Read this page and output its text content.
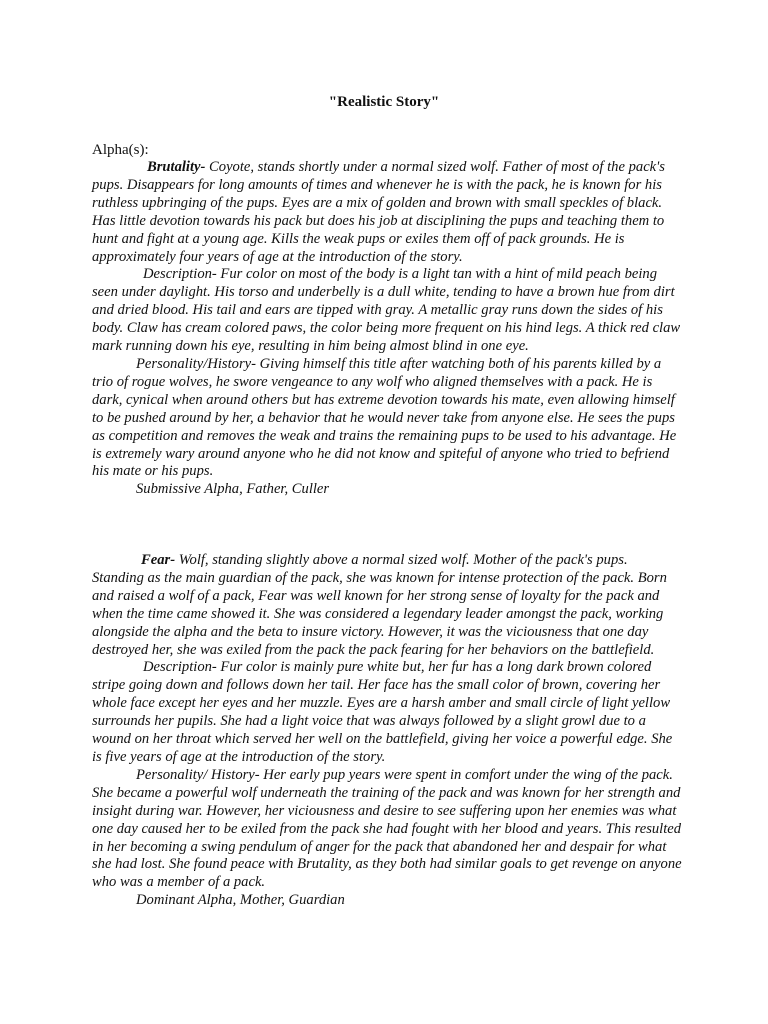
"Realistic Story"
Alpha(s):

Brutality- Coyote, stands shortly under a normal sized wolf. Father of most of the pack's pups. Disappears for long amounts of times and whenever he is with the pack, he is known for his ruthless upbringing of the pups. Eyes are a mix of golden and brown with small speckles of black. Has little devotion towards his pack but does his job at disciplining the pups and teaching them to hunt and fight at a young age. Kills the weak pups or exiles them off of pack grounds. He is approximately four years of age at the introduction of the story.

Description- Fur color on most of the body is a light tan with a hint of mild peach being seen under daylight. His torso and underbelly is a dull white, tending to have a brown hue from dirt and dried blood. His tail and ears are tipped with gray. A metallic gray runs down the sides of his body. Claw has cream colored paws, the color being more frequent on his hind legs. A thick red claw mark running down his eye, resulting in him being almost blind in one eye.

Personality/History- Giving himself this title after watching both of his parents killed by a trio of rogue wolves, he swore vengeance to any wolf who aligned themselves with a pack. He is dark, cynical when around others but has extreme devotion towards his mate, even allowing himself to be pushed around by her, a behavior that he would never take from anyone else. He sees the pups as competition and removes the weak and trains the remaining pups to be used to his advantage. He is extremely wary around anyone who he did not know and spiteful of anyone who tried to befriend his mate or his pups.

Submissive Alpha, Father, Culler

Fear- Wolf, standing slightly above a normal sized wolf. Mother of the pack's pups. Standing as the main guardian of the pack, she was known for intense protection of the pack. Born and raised a wolf of a pack, Fear was well known for her strong sense of loyalty for the pack and when the time came showed it. She was considered a legendary leader amongst the pack, working alongside the alpha and the beta to insure victory. However, it was the viciousness that one day destroyed her, she was exiled from the pack the pack fearing for her behaviors on the battlefield.

Description- Fur color is mainly pure white but, her fur has a long dark brown colored stripe going down and follows down her tail. Her face has the small color of brown, covering her whole face except her eyes and her muzzle. Eyes are a harsh amber and small circle of light yellow surrounds her pupils. She had a light voice that was always followed by a slight growl due to a wound on her throat which served her well on the battlefield, giving her voice a powerful edge. She is five years of age at the introduction of the story.

Personality/ History- Her early pup years were spent in comfort under the wing of the pack. She became a powerful wolf underneath the training of the pack and was known for her strength and insight during war. However, her viciousness and desire to see suffering upon her enemies was what one day caused her to be exiled from the pack she had fought with her blood and years. This resulted in her becoming a swing pendulum of anger for the pack that abandoned her and despair for what she had lost. She found peace with Brutality, as they both had similar goals to get revenge on anyone who was a member of a pack.

Dominant Alpha, Mother, Guardian
